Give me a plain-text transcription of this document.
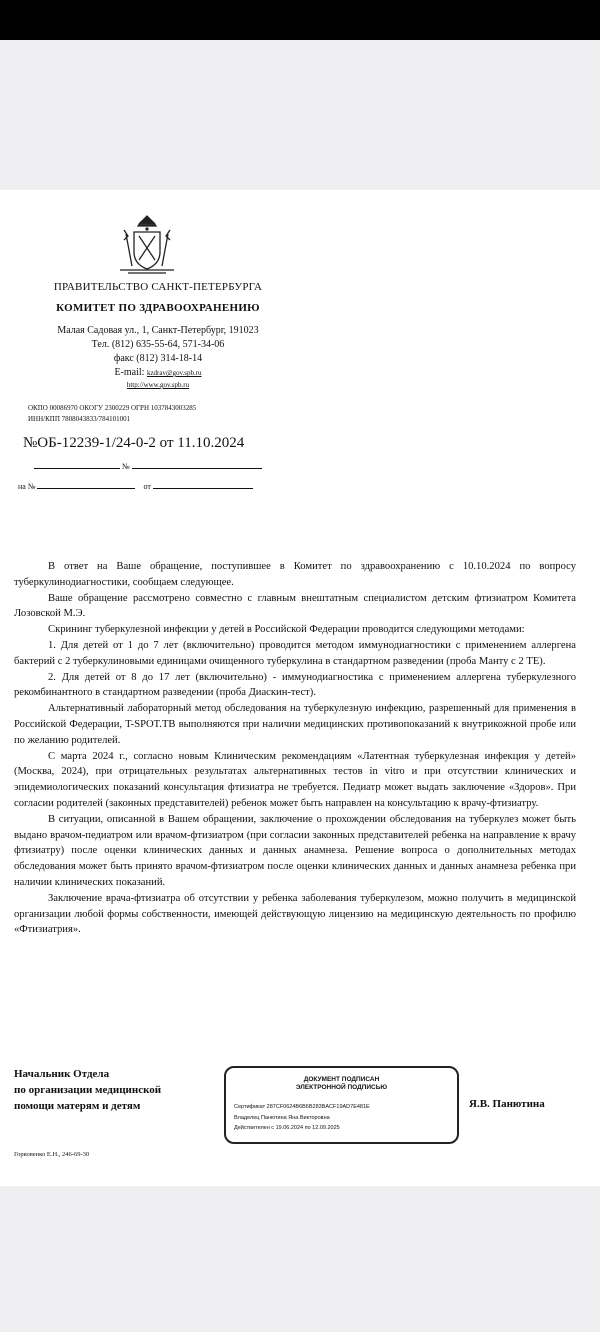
ПРАВИТЕЛЬСТВО САНКТ-ПЕТЕРБУРГА
КОМИТЕТ ПО ЗДРАВООХРАНЕНИЮ
Малая Садовая ул., 1, Санкт-Петербург, 191023
Тел. (812) 635-55-64, 571-34-06
факс (812) 314-18-14
E-mail: kzdrav@gov.spb.ru
http://www.gov.spb.ru
ОКПО 00086970 ОКОГУ 2300229 ОГРН 1037843003285
ИНН/КПП 7808043833/784101001
№ОБ-12239-1/24-0-2 от 11.10.2024
№
на №	от

В ответ на Ваше обращение, поступившее в Комитет по здравоохранению с 10.10.2024 по вопросу туберкулинодиагностики, сообщаем следующее.

Ваше обращение рассмотрено совместно с главным внештатным специалистом детским фтизиатром Комитета Лозовской М.Э.

Скрининг туберкулезной инфекции у детей в Российской Федерации проводится следующими методами:

1. Для детей от 1 до 7 лет (включительно) проводится методом иммунодиагностики с применением аллергена бактерий с 2 туберкулиновыми единицами очищенного туберкулина в стандартном разведении (проба Манту с 2 ТЕ).

2. Для детей от 8 до 17 лет (включительно) - иммунодиагностика с применением аллергена туберкулезного рекомбинантного в стандартном разведении (проба Диаскин-тест).

Альтернативный лабораторный метод обследования на туберкулезную инфекцию, разрешенный для применения в Российской Федерации, T-SPOT.TB выполняются при наличии медицинских противопоказаний к внутрикожной пробе или по желанию родителей.

С марта 2024 г., согласно новым Клиническим рекомендациям «Латентная туберкулезная инфекция у детей» (Москва, 2024), при отрицательных результатах альтернативных тестов in vitro и при отсутствии клинических и эпидемиологических показаний консультация фтизиатра не требуется. Педиатр может выдать заключение «Здоров». При согласии родителей (законных представителей) ребенок может быть направлен на консультацию к врачу-фтизиатру.

В ситуации, описанной в Вашем обращении, заключение о прохождении обследования на туберкулез может быть выдано врачом-педиатром или врачом-фтизиатром (при согласии законных представителей ребенка на направление к врачу фтизиатру) после оценки клинических данных и данных анамнеза. Решение вопроса о дополнительных методах обследования может быть принято врачом-фтизиатром после оценки клинических данных и данных анамнеза ребенка при наличии клинических показаний.

Заключение врача-фтизиатра об отсутствии у ребенка заболевания туберкулезом, можно получить в медицинской организации любой формы собственности, имеющей действующую лицензию на медицинскую деятельность по профилю «Фтизиатрия».

Начальник Отдела
по организации медицинской
помощи матерям и детям
ДОКУМЕНТ ПОДПИСАН
ЭЛЕКТРОННОЙ ПОДПИСЬЮ
Сертификат 287CF0624B6B6B283BACF19AD7E481E
Владелец Панютина Яна Викторовна
Действителен с 19.06.2024 по 12.09.2025
Я.В. Панютина
Горковенко Е.Н., 246-69-30
